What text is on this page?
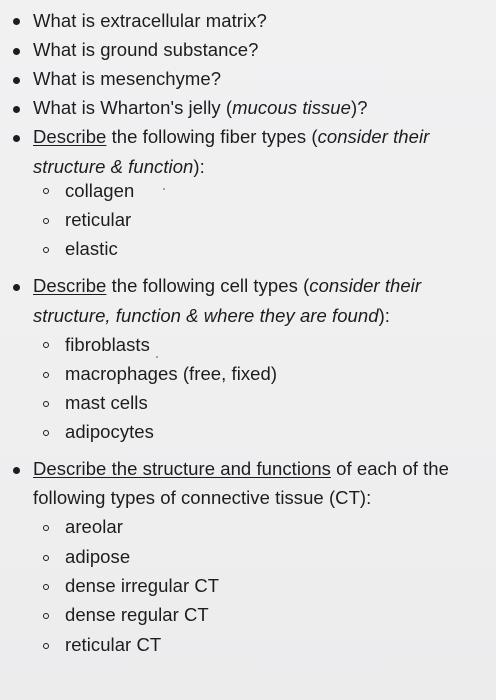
What is extracellular matrix?
What is ground substance?
What is mesenchyme?
What is Wharton's jelly (mucous tissue)?
Describe the following fiber types (consider their
structure & function):
collagen
reticular
elastic
Describe the following cell types (consider their
structure, function & where they are found):
fibroblasts
macrophages (free, fixed)
mast cells
adipocytes
Describe the structure and functions of each of the
following types of connective tissue (CT):
areolar
adipose
dense irregular CT
dense regular CT
reticular CT
